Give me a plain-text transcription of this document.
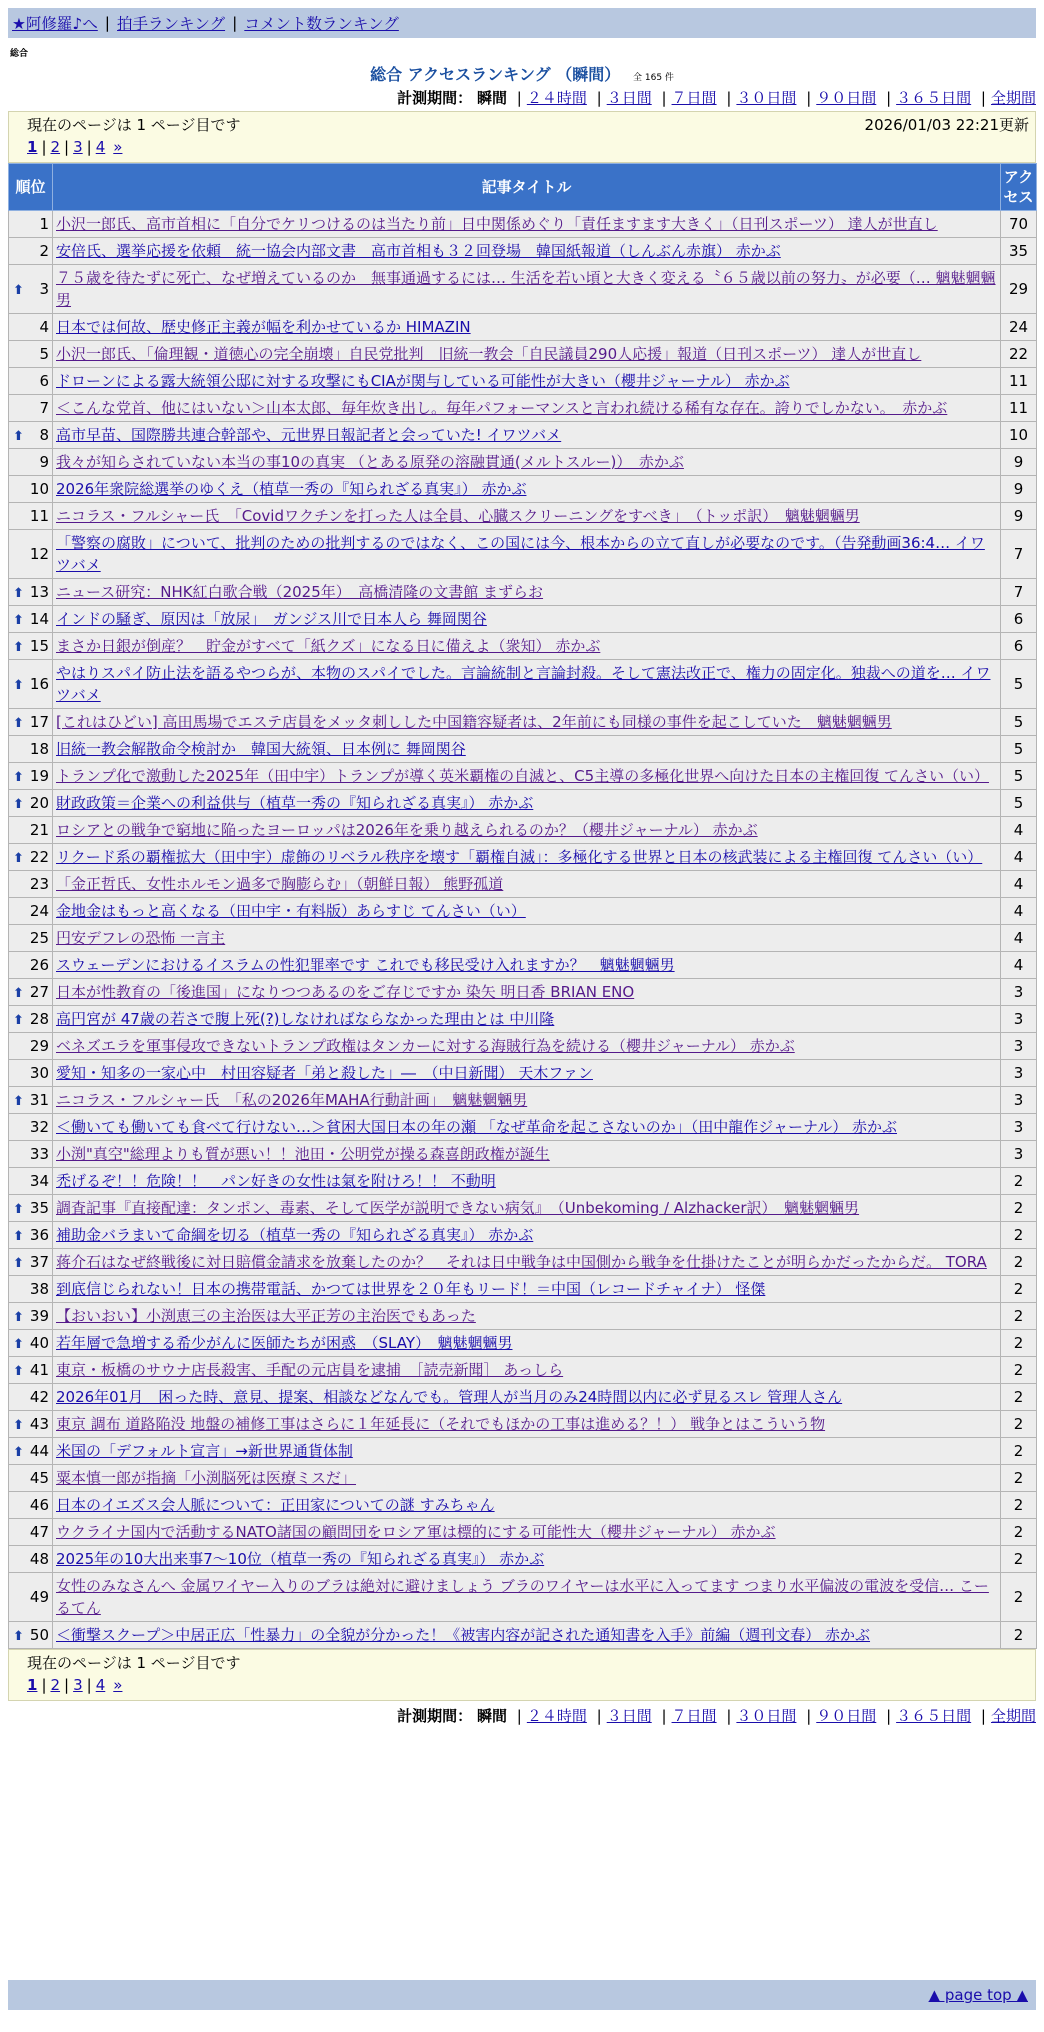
★阿修羅♪へ | 拍手ランキング | コメント数ランキング
総合
総合 アクセスランキング （瞬間） 全 165 件
計測期間： 瞬間 | ２４時間 | ３日間 | ７日間 | ３０日間 | ９０日間 | ３６５日間 | 全期間
現在のページは 1 ページ目です	2026/01/03 22:21更新
1 | 2 | 3 | 4 »
順位	記事タイトル	アクセス
1	小沢一郎氏、高市首相に「自分でケリつけるのは当たり前」日中関係めぐり「責任ますます大きく」（日刊スポーツ） 達人が世直し	70
2	安倍氏、選挙応援を依頼　統一協会内部文書　高市首相も３２回登場　韓国紙報道（しんぶん赤旗） 赤かぶ	35

⬆ 3	７５歳を待たずに死亡、なぜ増えているのか　無事通過するには… 生活を若い頃と大きく変える〝６５歳以前の努力〟が必要（… 魑魅魍魎男	29
4	日本では何故、歴史修正主義が幅を利かせているか HIMAZIN	24
5	小沢一郎氏、「倫理観・道徳心の完全崩壊」自民党批判　旧統一教会「自民議員290人応援」報道（日刊スポーツ） 達人が世直し	22
6	ドローンによる露大統領公邸に対する攻撃にもCIAが関与している可能性が大きい（櫻井ジャーナル） 赤かぶ	11
7	＜こんな党首、他にはいない＞山本太郎、毎年炊き出し。毎年パフォーマンスと言われ続ける稀有な存在。誇りでしかない。　赤かぶ	11

⬆ 8	高市早苗、国際勝共連合幹部や、元世界日報記者と会っていた! イワツバメ	10
9	我々が知らされていない本当の事10の真実 （とある原発の溶融貫通(メルトスルー)）　赤かぶ	9
10	2026年衆院総選挙のゆくえ（植草一秀の『知られざる真実』） 赤かぶ	9
11	ニコラス・フルシャー氏　「Covidワクチンを打った人は全員、心臓スクリーニングをすべき」　（トッポ訳）　魑魅魍魎男	9
12	「警察の腐敗」について、批判のための批判するのではなく、この国には今、根本からの立て直しが必要なのです。（告発動画36:4… イワツバメ	7

⬆ 13	ニュース研究：NHK紅白歌合戦（2025年）　高橋清隆の文書館 まずらお	7

⬆ 14	インドの騒ぎ、原因は「放尿」　ガンジス川で日本人ら 舞岡関谷	6

⬆ 15	まさか日銀が倒産？　貯金がすべて「紙クズ」になる日に備えよ（衆知） 赤かぶ	6

⬆ 16	やはりスパイ防止法を語るやつらが、本物のスパイでした。言論統制と言論封殺。そして憲法改正で、権力の固定化。独裁への道を… イワツバメ	5

⬆ 17	[これはひどい] 高田馬場でエステ店員をメッタ刺しした中国籍容疑者は、2年前にも同様の事件を起こしていた　魑魅魍魎男	5
18	旧統一教会解散命令検討か　韓国大統領、日本例に 舞岡関谷	5

⬆ 19	トランプ化で激動した2025年（田中宇）トランプが導く英米覇権の自滅と、C5主導の多極化世界へ向けた日本の主権回復 てんさい（い）	5

⬆ 20	財政政策＝企業への利益供与（植草一秀の『知られざる真実』） 赤かぶ	5
21	ロシアとの戦争で窮地に陥ったヨーロッパは2026年を乗り越えられるのか？（櫻井ジャーナル） 赤かぶ	4

⬆ 22	リクード系の覇権拡大（田中宇）虚飾のリベラル秩序を壊す「覇権自滅」：多極化する世界と日本の核武装による主権回復 てんさい（い）	4
23	「金正哲氏、女性ホルモン過多で胸膨らむ」（朝鮮日報） 熊野孤道	4
24	金地金はもっと高くなる（田中宇・有料版）あらすじ てんさい（い）	4
25	円安デフレの恐怖 一言主	4
26	スウェーデンにおけるイスラムの性犯罪率です これでも移民受け入れますか？　魑魅魍魎男	4

⬆ 27	日本が性教育の「後進国」になりつつあるのをご存じですか 染矢 明日香 BRIAN ENO	3

⬆ 28	高円宮が 47歳の若さで腹上死(?)しなければならなかった理由とは 中川隆	3
29	ベネズエラを軍事侵攻できないトランプ政権はタンカーに対する海賊行為を続ける（櫻井ジャーナル） 赤かぶ	3
30	愛知・知多の一家心中　村田容疑者「弟と殺した」―　（中日新聞） 天木ファン	3

⬆ 31	ニコラス・フルシャー氏　「私の2026年MAHA行動計画」　魑魅魍魎男	3
32	＜働いても働いても食べて行けない…＞貧困大国日本の年の瀬 「なぜ革命を起こさないのか」（田中龍作ジャーナル） 赤かぶ	3
33	小渕"真空"総理よりも質が悪い！！池田・公明党が操る森喜朗政権が誕生	3
34	禿げるぞ！！危険！！　パン好きの女性は氣を附けろ！！ 不動明	2

⬆ 35	調査記事『直接配達：タンポン、毒素、そして医学が説明できない病気』　（Unbekoming / Alzhacker訳）　魑魅魍魎男	2

⬆ 36	補助金バラまいて命綱を切る（植草一秀の『知られざる真実』） 赤かぶ	2

⬆ 37	蒋介石はなぜ終戦後に対日賠償金請求を放棄したのか？　それは日中戦争は中国側から戦争を仕掛けたことが明らかだったからだ。 TORA	2
38	到底信じられない！日本の携帯電話、かつては世界を２０年もリード！＝中国（レコードチャイナ） 怪傑	2

⬆ 39	【おいおい】小渕恵三の主治医は大平正芳の主治医でもあった	2

⬆ 40	若年層で急増する希少がんに医師たちが困惑　（SLAY）　魑魅魍魎男	2

⬆ 41	東京・板橋のサウナ店長殺害、手配の元店員を逮捕　［読売新聞］ あっしら	2
42	2026年01月　困った時、意見、提案、相談などなんでも。管理人が当月のみ24時間以内に必ず見るスレ 管理人さん	2

⬆ 43	東京 調布 道路陥没 地盤の補修工事はさらに１年延長に（それでもほかの工事は進める？！） 戦争とはこういう物	2

⬆ 44	米国の「デフォルト宣言」→新世界通貨体制	2
45	粟本慎一郎が指摘「小渕脳死は医療ミスだ」	2
46	日本のイエズス会人脈について：正田家についての謎 すみちゃん	2
47	ウクライナ国内で活動するNATO諸国の顧問団をロシア軍は標的にする可能性大（櫻井ジャーナル） 赤かぶ	2
48	2025年の10大出来事7〜10位（植草一秀の『知られざる真実』） 赤かぶ	2
49	女性のみなさんへ 金属ワイヤー入りのブラは絶対に避けましょう ブラのワイヤーは水平に入ってます つまり水平偏波の電波を受信… こーるてん	2

⬆ 50	＜衝撃スクープ＞中居正広「性暴力」の全貌が分かった！《被害内容が記された通知書を入手》前編（週刊文春） 赤かぶ	2
現在のページは 1 ページ目です
1 | 2 | 3 | 4 »
計測期間： 瞬間 | ２４時間 | ３日間 | ７日間 | ３０日間 | ９０日間 | ３６５日間 | 全期間
▲ page top ▲
